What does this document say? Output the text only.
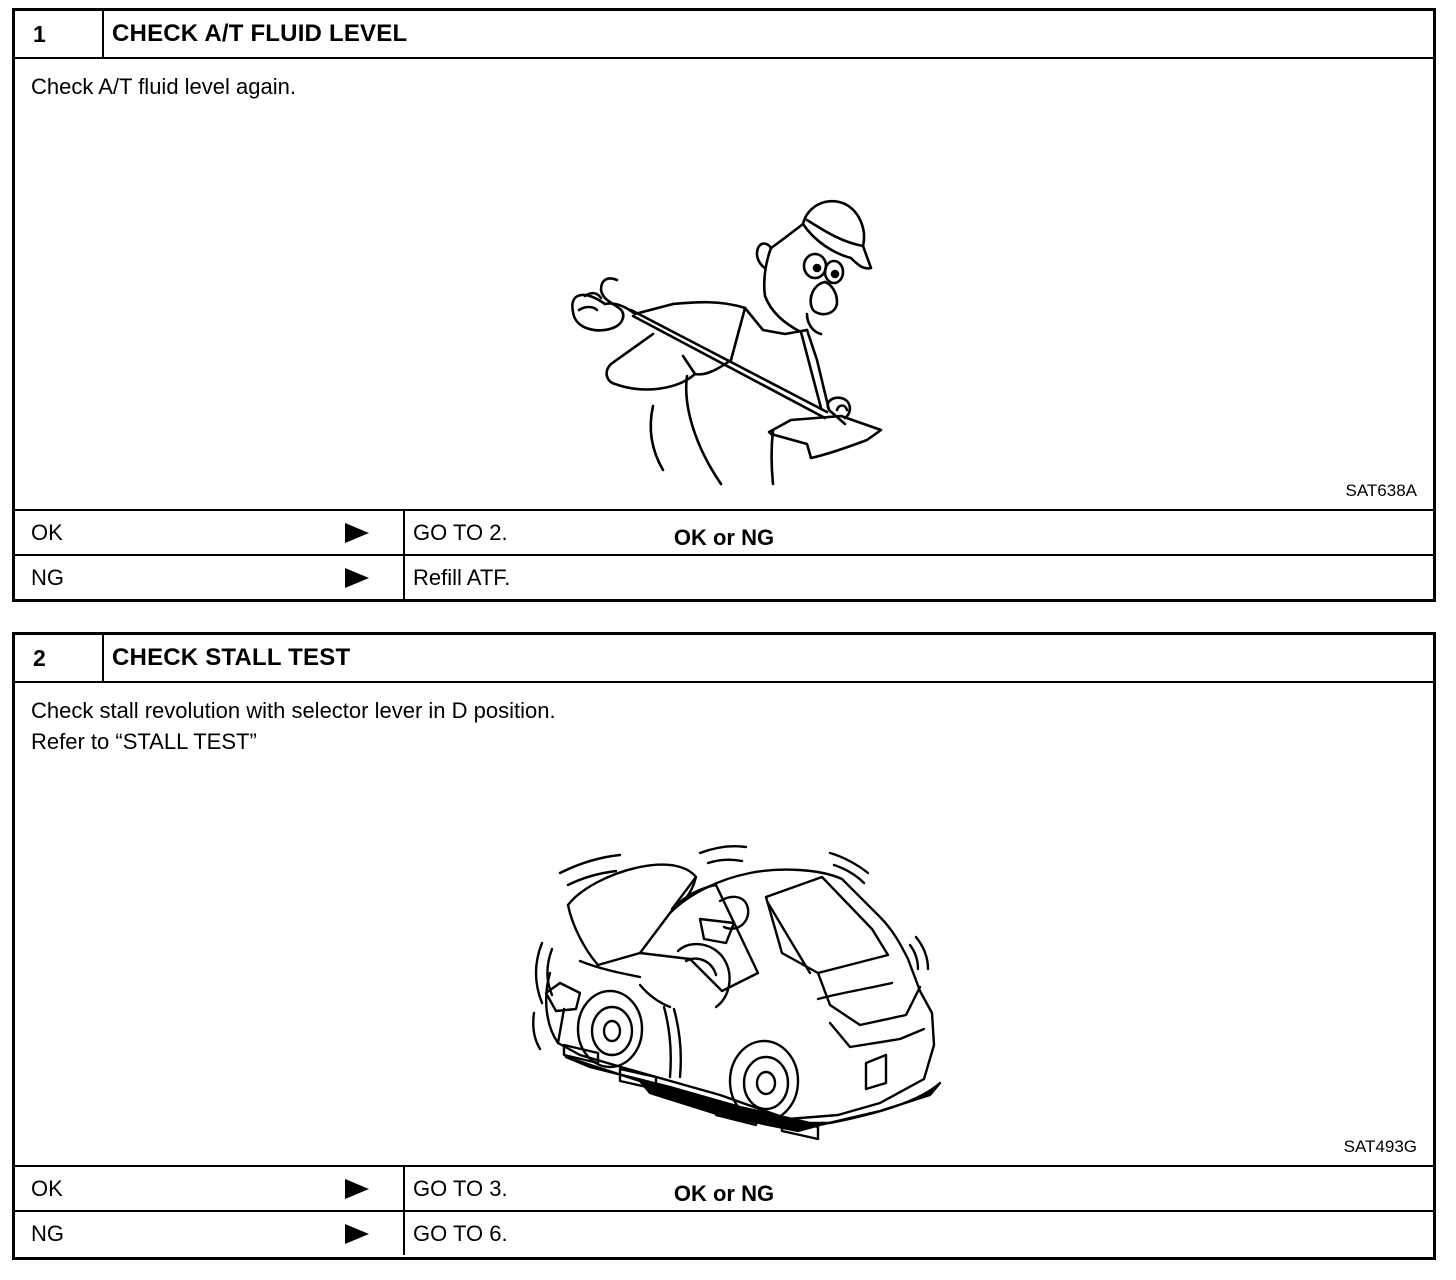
1	CHECK A/T FLUID LEVEL
Check A/T fluid level again.
SAT638A
OK or NG
OK	GO TO 2.
NG	Refill ATF.
2	CHECK STALL TEST
Check stall revolution with selector lever in D position.
Refer to “STALL TEST”
SAT493G
OK or NG
OK	GO TO 3.
NG	GO TO 6.
